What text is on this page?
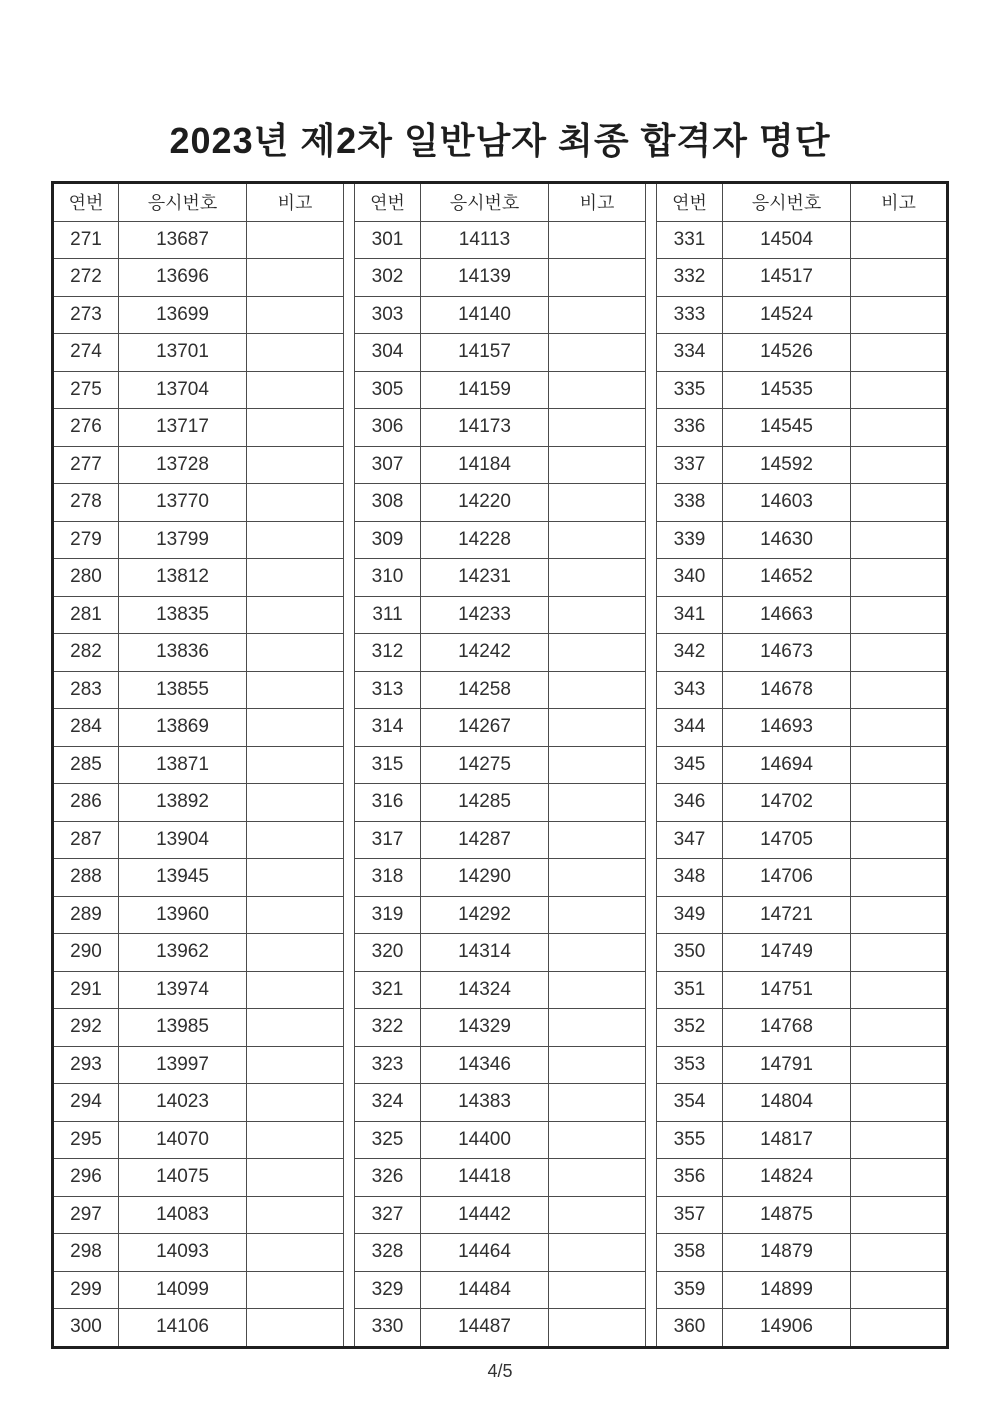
2023년 제2차 일반남자 최종 합격자 명단
연번	응시번호	비고		연번	응시번호	비고		연번	응시번호	비고
271	13687			301	14113			331	14504	
272	13696			302	14139			332	14517	
273	13699			303	14140			333	14524	
274	13701			304	14157			334	14526	
275	13704			305	14159			335	14535	
276	13717			306	14173			336	14545	
277	13728			307	14184			337	14592	
278	13770			308	14220			338	14603	
279	13799			309	14228			339	14630	
280	13812			310	14231			340	14652	
281	13835			311	14233			341	14663	
282	13836			312	14242			342	14673	
283	13855			313	14258			343	14678	
284	13869			314	14267			344	14693	
285	13871			315	14275			345	14694	
286	13892			316	14285			346	14702	
287	13904			317	14287			347	14705	
288	13945			318	14290			348	14706	
289	13960			319	14292			349	14721	
290	13962			320	14314			350	14749	
291	13974			321	14324			351	14751	
292	13985			322	14329			352	14768	
293	13997			323	14346			353	14791	
294	14023			324	14383			354	14804	
295	14070			325	14400			355	14817	
296	14075			326	14418			356	14824	
297	14083			327	14442			357	14875	
298	14093			328	14464			358	14879	
299	14099			329	14484			359	14899	
300	14106			330	14487			360	14906	
4/5
